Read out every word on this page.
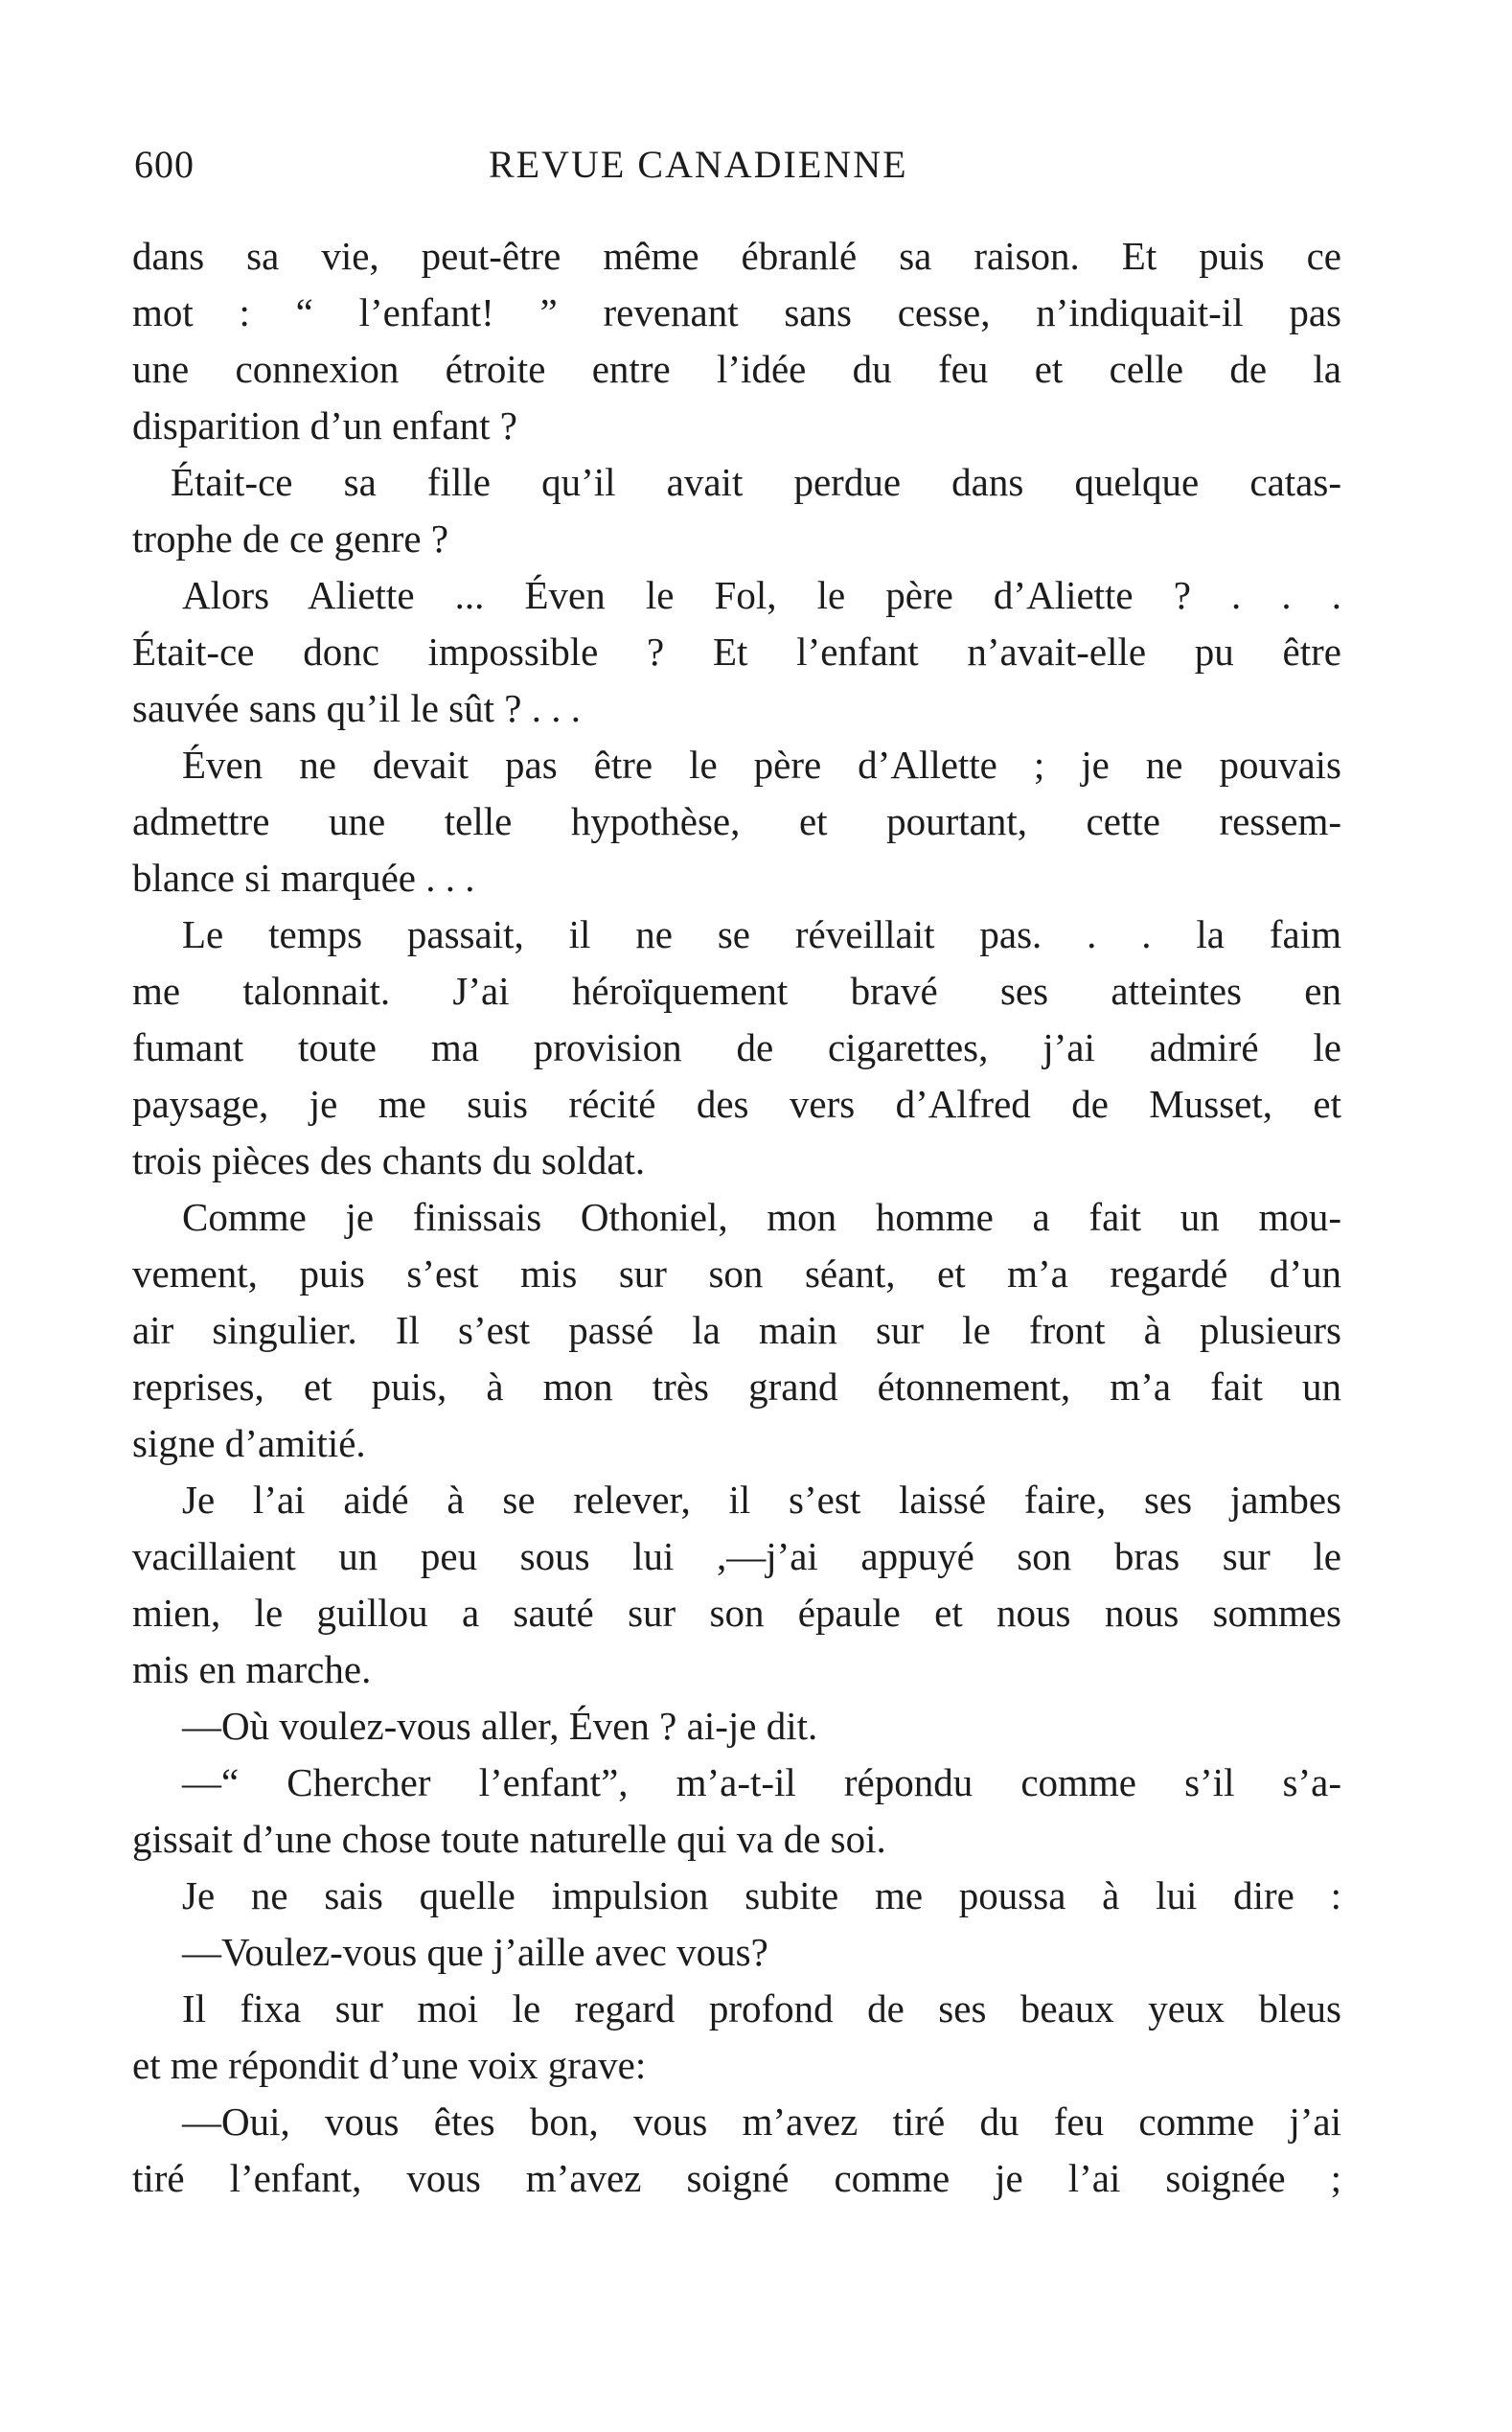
600	REVUE CANADIENNE
dans sa vie, peut-être même ébranlé sa raison. Et puis ce
mot : “ l’enfant! ” revenant sans cesse, n’indiquait-il pas
une connexion étroite entre l’idée du feu et celle de la
disparition d’un enfant ?
Était-ce sa fille qu’il avait perdue dans quelque catas-
trophe de ce genre ?
Alors Aliette ... Éven le Fol, le père d’Aliette ? . . .
Était-ce donc impossible ? Et l’enfant n’avait-elle pu être
sauvée sans qu’il le sût ? . . .
Éven ne devait pas être le père d’Allette ; je ne pouvais
admettre une telle hypothèse, et pourtant, cette ressem-
blance si marquée . . .
Le temps passait, il ne se réveillait pas. . . la faim
me talonnait. J’ai héroïquement bravé ses atteintes en
fumant toute ma provision de cigarettes, j’ai admiré le
paysage, je me suis récité des vers d’Alfred de Musset, et
trois pièces des chants du soldat.
Comme je finissais Othoniel, mon homme a fait un mou-
vement, puis s’est mis sur son séant, et m’a regardé d’un
air singulier. Il s’est passé la main sur le front à plusieurs
reprises, et puis, à mon très grand étonnement, m’a fait un
signe d’amitié.
Je l’ai aidé à se relever, il s’est laissé faire, ses jambes
vacillaient un peu sous lui ,—j’ai appuyé son bras sur le
mien, le guillou a sauté sur son épaule et nous nous sommes
mis en marche.
—Où voulez-vous aller, Éven ? ai-je dit.
—“ Chercher l’enfant”, m’a-t-il répondu comme s’il s’a-
gissait d’une chose toute naturelle qui va de soi.
Je ne sais quelle impulsion subite me poussa à lui dire :
—Voulez-vous que j’aille avec vous?
Il fixa sur moi le regard profond de ses beaux yeux bleus
et me répondit d’une voix grave:
—Oui, vous êtes bon, vous m’avez tiré du feu comme j’ai
tiré l’enfant, vous m’avez soigné comme je l’ai soignée ;
